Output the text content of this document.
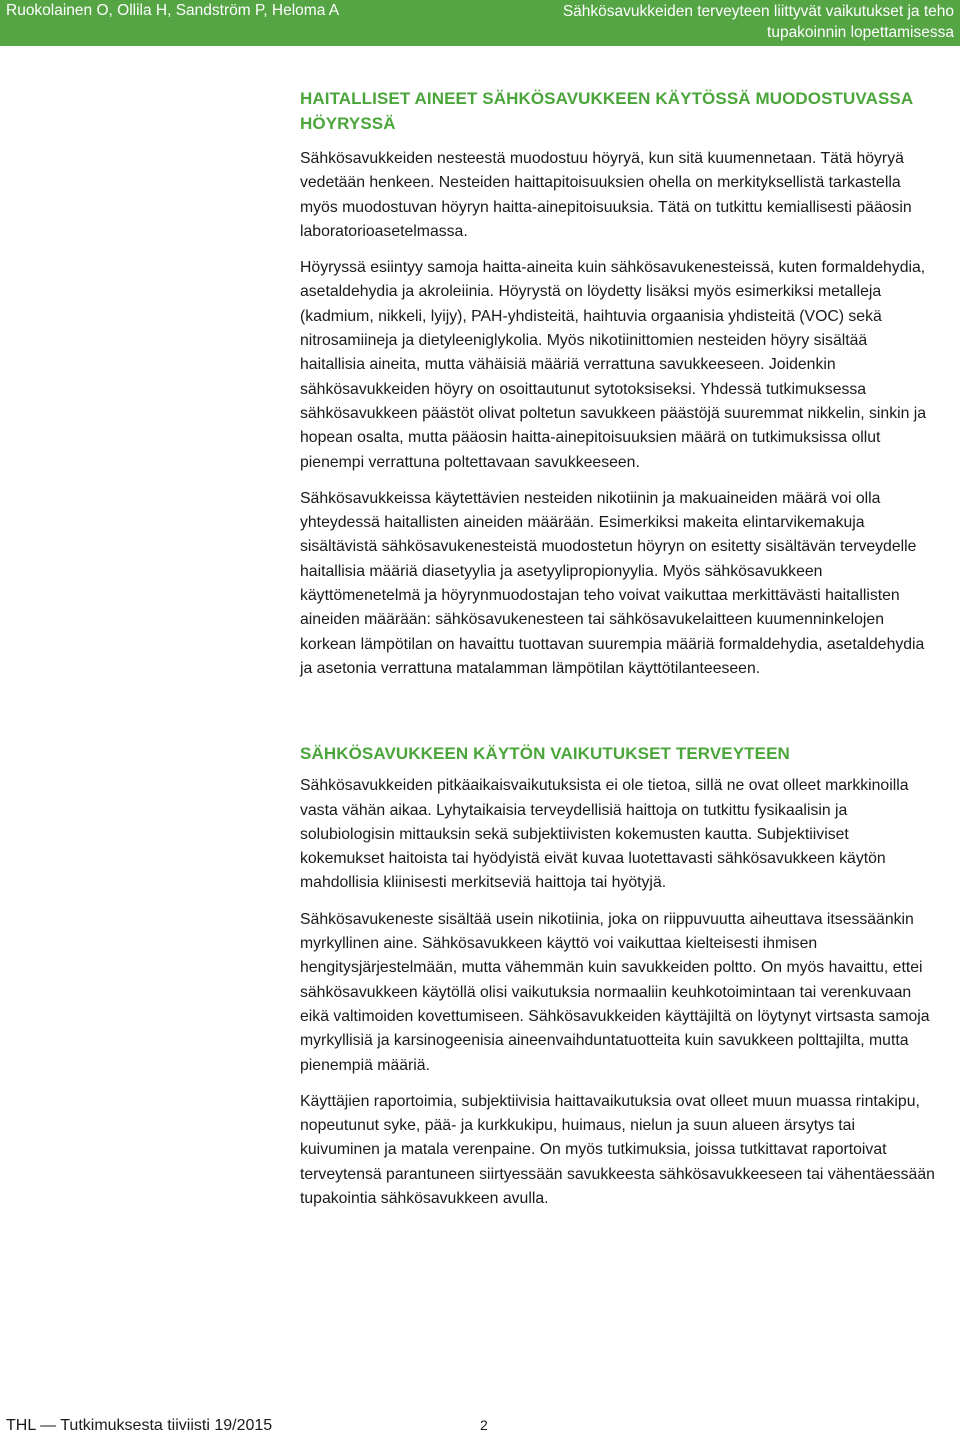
Ruokolainen O, Ollila H, Sandström P, Heloma A	Sähkösavukkeiden terveyteen liittyvät vaikutukset ja teho
tupakoinnin lopettamisessa
HAITALLISET AINEET SÄHKÖSAVUKKEEN KÄYTÖSSÄ MUODOSTUVASSA HÖYRYSSÄ

Sähkösavukkeiden nesteestä muodostuu höyryä, kun sitä kuumennetaan. Tätä höyryä vedetään henkeen. Nesteiden haittapitoisuuksien ohella on merkityksellistä tarkastella myös muodostuvan höyryn haitta-ainepitoisuuksia. Tätä on tutkittu kemiallisesti pääosin laboratorioasetelmassa.

Höyryssä esiintyy samoja haitta-aineita kuin sähkösavukenesteissä, kuten formaldehydia, asetaldehydia ja akroleiinia. Höyrystä on löydetty lisäksi myös esimerkiksi metalleja (kadmium, nikkeli, lyijy), PAH-yhdisteitä, haihtuvia orgaanisia yhdisteitä (VOC) sekä nitrosamiineja ja dietyleeniglykolia. Myös nikotiinittomien nesteiden höyry sisältää haitallisia aineita, mutta vähäisiä määriä verrattuna savukkeeseen. Joidenkin sähkösavukkeiden höyry on osoittautunut sytotoksiseksi. Yhdessä tutkimuksessa sähkösavukkeen päästöt olivat poltetun savukkeen päästöjä suuremmat nikkelin, sinkin ja hopean osalta, mutta pääosin haitta-ainepitoisuuksien määrä on tutkimuksissa ollut pienempi verrattuna poltettavaan savukkeeseen.

Sähkösavukkeissa käytettävien nesteiden nikotiinin ja makuaineiden määrä voi olla yhteydessä haitallisten aineiden määrään. Esimerkiksi makeita elintarvikemakuja sisältävistä sähkösavukenesteistä muodostetun höyryn on esitetty sisältävän terveydelle haitallisia määriä diasetyylia ja asetyylipropionyylia. Myös sähkösavukkeen käyttömenetelmä ja höyrynmuodostajan teho voivat vaikuttaa merkittävästi haitallisten aineiden määrään: sähkösavukenesteen tai sähkösavukelaitteen kuumenninkelojen korkean lämpötilan on havaittu tuottavan suurempia määriä formaldehydia, asetaldehydia ja asetonia verrattuna matalamman lämpötilan käyttötilanteeseen.

SÄHKÖSAVUKKEEN KÄYTÖN VAIKUTUKSET TERVEYTEEN

Sähkösavukkeiden pitkäaikaisvaikutuksista ei ole tietoa, sillä ne ovat olleet markkinoilla vasta vähän aikaa. Lyhytaikaisia terveydellisiä haittoja on tutkittu fysikaalisin ja solubiologisin mittauksin sekä subjektiivisten kokemusten kautta. Subjektiiviset kokemukset haitoista tai hyödyistä eivät kuvaa luotettavasti sähkösavukkeen käytön mahdollisia kliinisesti merkitseviä haittoja tai hyötyjä.

Sähkösavukeneste sisältää usein nikotiinia, joka on riippuvuutta aiheuttava itsessäänkin myrkyllinen aine. Sähkösavukkeen käyttö voi vaikuttaa kielteisesti ihmisen hengitysjärjestelmään, mutta vähemmän kuin savukkeiden poltto. On myös havaittu, ettei sähkösavukkeen käytöllä olisi vaikutuksia normaaliin keuhkotoimintaan tai verenkuvaan eikä valtimoiden kovettumiseen. Sähkösavukkeiden käyttäjiltä on löytynyt virtsasta samoja myrkyllisiä ja karsinogeenisia aineenvaihduntatuotteita kuin savukkeen polttajilta, mutta pienempiä määriä.

Käyttäjien raportoimia, subjektiivisia haittavaikutuksia ovat olleet muun muassa rintakipu, nopeutunut syke, pää- ja kurkkukipu, huimaus, nielun ja suun alueen ärsytys tai kuivuminen ja matala verenpaine. On myös tutkimuksia, joissa tutkittavat raportoivat terveytensä parantuneen siirtyessään savukkeesta sähkösavukkeeseen tai vähentäessään tupakointia sähkösavukkeen avulla.

THL — Tutkimuksesta tiiviisti 19/2015	2
